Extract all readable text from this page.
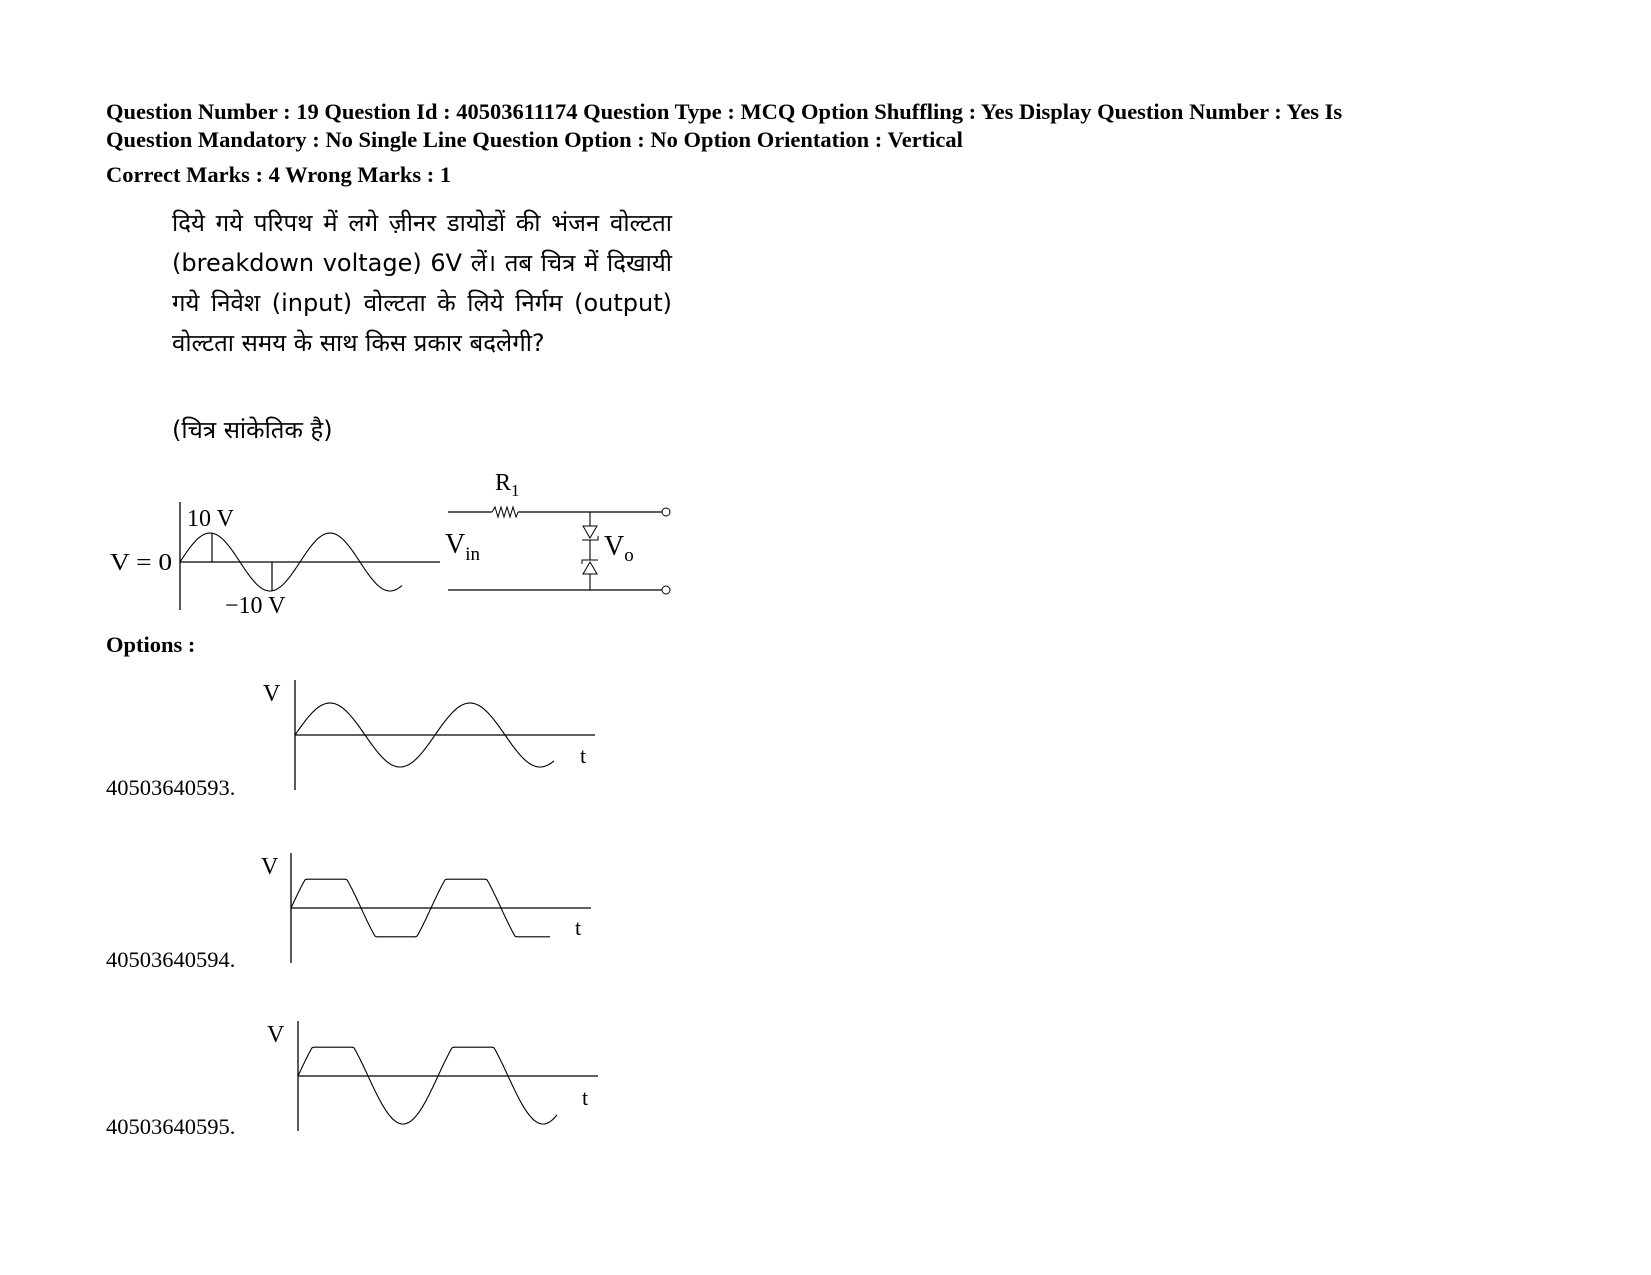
Question Number : 19 Question Id : 40503611174 Question Type : MCQ Option Shuffling : Yes Display Question Number : Yes Is

Question Mandatory : No Single Line Question Option : No Option Orientation : Vertical

Correct Marks : 4 Wrong Marks : 1

दिये गये परिपथ में लगे ज़ीनर डायोडों की भंजन वोल्टता (breakdown voltage) 6V लें। तब चित्र में दिखायी गये निवेश (input) वोल्टता के लिये निर्गम (output) वोल्टता समय के साथ किस प्रकार बदलेगी?

(चित्र सांकेतिक है)

10 V
−10 V
V = 0
$R_1$
$V_{in}$	$V_o$

Options :

40503640593.

V
t

40503640594.

V
t

40503640595.

V
t
